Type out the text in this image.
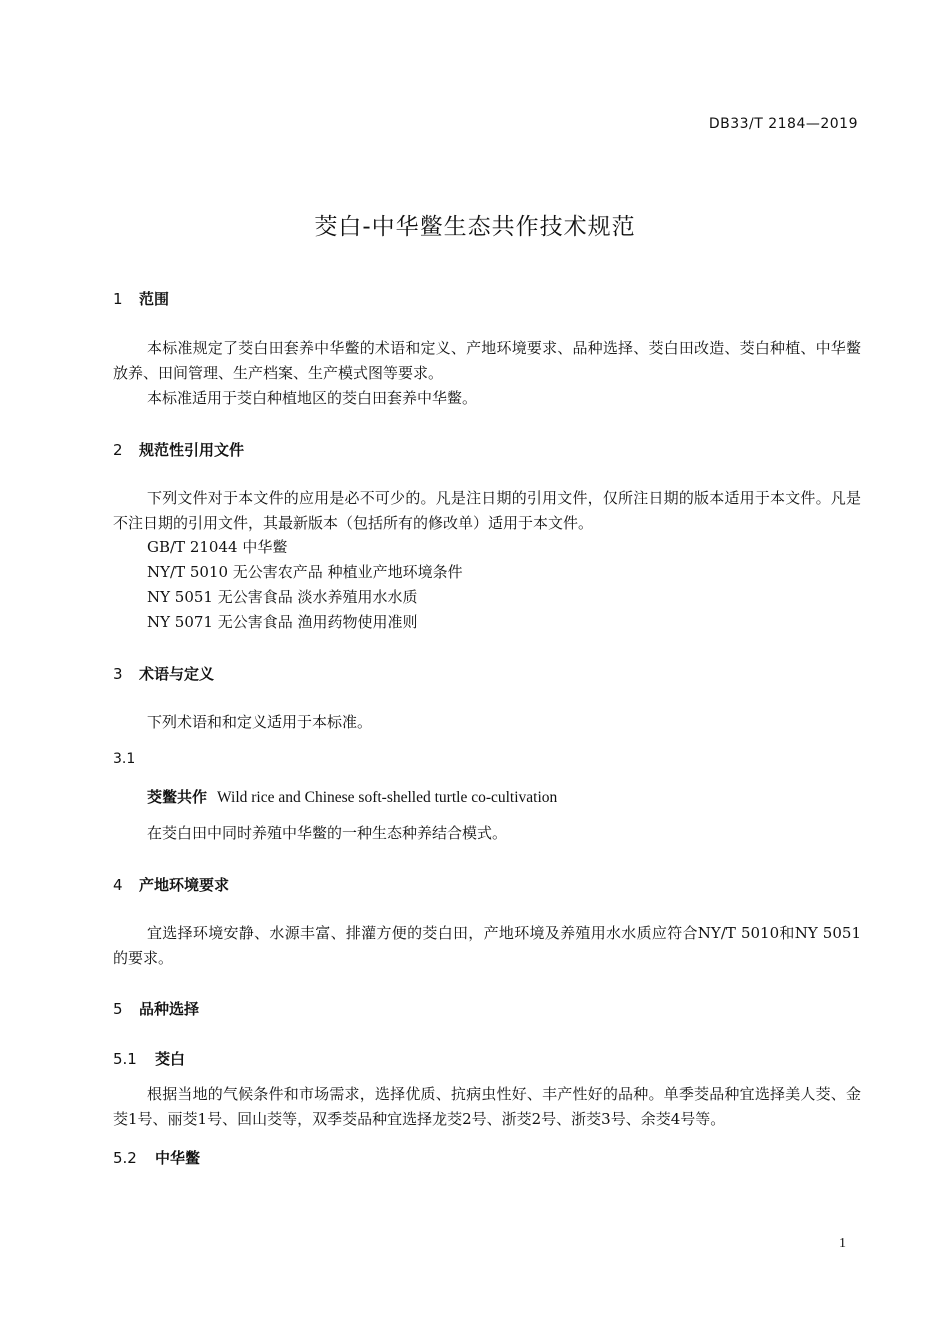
DB33/T 2184—2019
茭白-中华鳖生态共作技术规范
1 范围
本标准规定了茭白田套养中华鳖的术语和定义、产地环境要求、品种选择、茭白田改造、茭白种植、中华鳖放养、田间管理、生产档案、生产模式图等要求。
本标准适用于茭白种植地区的茭白田套养中华鳖。
2 规范性引用文件
下列文件对于本文件的应用是必不可少的。凡是注日期的引用文件，仅所注日期的版本适用于本文件。凡是不注日期的引用文件，其最新版本（包括所有的修改单）适用于本文件。
GB/T 21044 中华鳖
NY/T 5010 无公害农产品 种植业产地环境条件
NY 5051 无公害食品 淡水养殖用水水质
NY 5071 无公害食品 渔用药物使用准则
3 术语与定义
下列术语和和定义适用于本标准。
3.1
茭鳖共作 Wild rice and Chinese soft-shelled turtle co-cultivation
在茭白田中同时养殖中华鳖的一种生态种养结合模式。
4 产地环境要求
宜选择环境安静、水源丰富、排灌方便的茭白田，产地环境及养殖用水水质应符合NY/T 5010和NY 5051的要求。
5 品种选择
5.1 茭白
根据当地的气候条件和市场需求，选择优质、抗病虫性好、丰产性好的品种。单季茭品种宜选择美人茭、金茭1号、丽茭1号、回山茭等，双季茭品种宜选择龙茭2号、浙茭2号、浙茭3号、余茭4号等。
5.2 中华鳖
1
